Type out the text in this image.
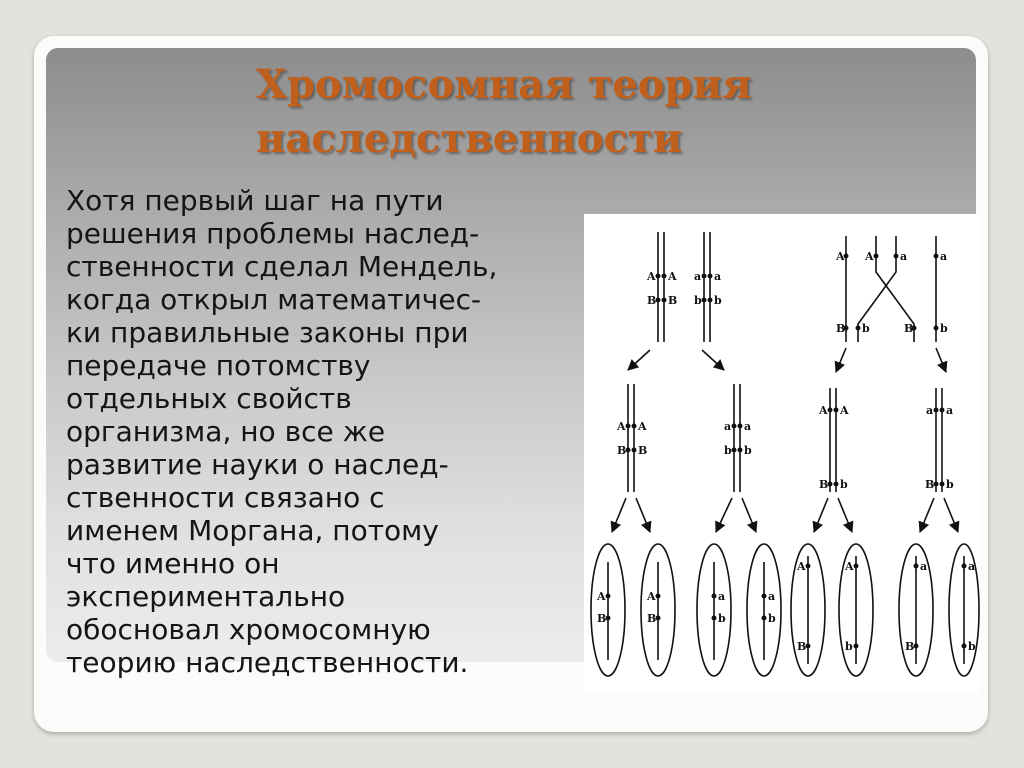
Хромосомная теория
наследственности

Хотя первый шаг на пути
решения проблемы наслед-
ственности сделал Мендель,
когда открыл математичес-
ки правильные законы при
передаче потомству
отдельных свойств
организма, но все же
развитие науки о наслед-
ственности связано с
именем Моргана, потому
что именно он
экспериментально
обосновал хромосомную
теорию наследственности.

A A a a
B B b b
A A
B B
a a
b b
A
B
A
B
a
b
a
b
A A a	a
B b	B b
A A
B b
a a
B b
A
B
A
b
a
B
a
b
